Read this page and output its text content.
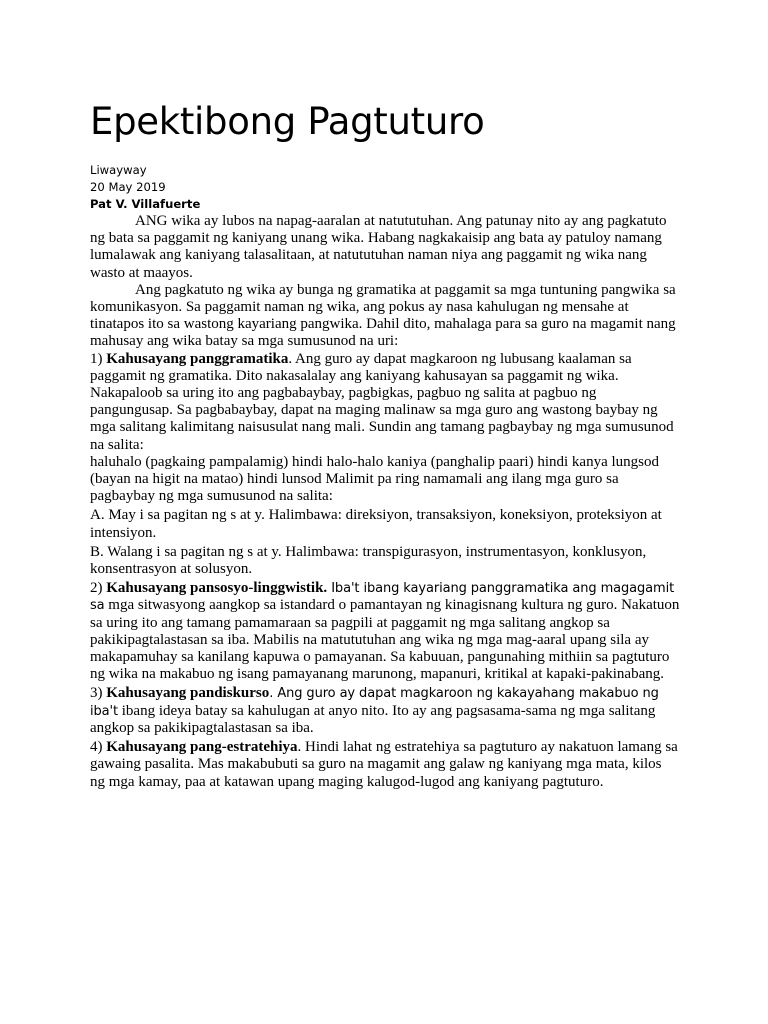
Epektibong Pagtuturo

Liwayway

20 May 2019

Pat V. Villafuerte

ANG wika ay lubos na napag-aaralan at natututuhan. Ang patunay nito ay ang pagkatuto ng bata sa paggamit ng kaniyang unang wika. Habang nagkakaisip ang bata ay patuloy namang lumalawak ang kaniyang talasalitaan, at natututuhan naman niya ang paggamit ng wika nang wasto at maayos.

Ang pagkatuto ng wika ay bunga ng gramatika at paggamit sa mga tuntuning pangwika sa komunikasyon. Sa paggamit naman ng wika, ang pokus ay nasa kahulugan ng mensahe at tinatapos ito sa wastong kayariang pangwika. Dahil dito, mahalaga para sa guro na magamit nang mahusay ang wika batay sa mga sumusunod na uri:

1) Kahusayang panggramatika. Ang guro ay dapat magkaroon ng lubusang kaalaman sa paggamit ng gramatika. Dito nakasalalay ang kaniyang kahusayan sa paggamit ng wika. Nakapaloob sa uring ito ang pagbabaybay, pagbigkas, pagbuo ng salita at pagbuo ng pangungusap. Sa pagbabaybay, dapat na maging malinaw sa mga guro ang wastong baybay ng mga salitang kalimitang naisusulat nang mali. Sundin ang tamang pagbaybay ng mga sumusunod na salita:

haluhalo (pagkaing pampalamig) hindi halo-halo kaniya (panghalip paari) hindi kanya lungsod (bayan na higit na matao) hindi lunsod Malimit pa ring namamali ang ilang mga guro sa pagbaybay ng mga sumusunod na salita:

A. May i sa pagitan ng s at y. Halimbawa: direksiyon, transaksiyon, koneksiyon, proteksiyon at intensiyon.

B. Walang i sa pagitan ng s at y. Halimbawa: transpigurasyon, instrumentasyon, konklusyon, konsentrasyon at solusyon.

2) Kahusayang pansosyo-linggwistik. Iba't ibang kayariang panggramatika ang magagamit sa mga sitwasyong aangkop sa istandard o pamantayan ng kinagisnang kultura ng guro. Nakatuon sa uring ito ang tamang pamamaraan sa pagpili at paggamit ng mga salitang angkop sa pakikipagtalastasan sa iba. Mabilis na matututuhan ang wika ng mga mag-aaral upang sila ay makapamuhay sa kanilang kapuwa o pamayanan. Sa kabuuan, pangunahing mithiin sa pagtuturo ng wika na makabuo ng isang pamayanang marunong, mapanuri, kritikal at kapaki-pakinabang.

3) Kahusayang pandiskurso. Ang guro ay dapat magkaroon ng kakayahang makabuo ng iba't ibang ideya batay sa kahulugan at anyo nito. Ito ay ang pagsasama-sama ng mga salitang angkop sa pakikipagtalastasan sa iba.

4) Kahusayang pang-estratehiya. Hindi lahat ng estratehiya sa pagtuturo ay nakatuon lamang sa gawaing pasalita. Mas makabubuti sa guro na magamit ang galaw ng kaniyang mga mata, kilos ng mga kamay, paa at katawan upang maging kalugod-lugod ang kaniyang pagtuturo.
